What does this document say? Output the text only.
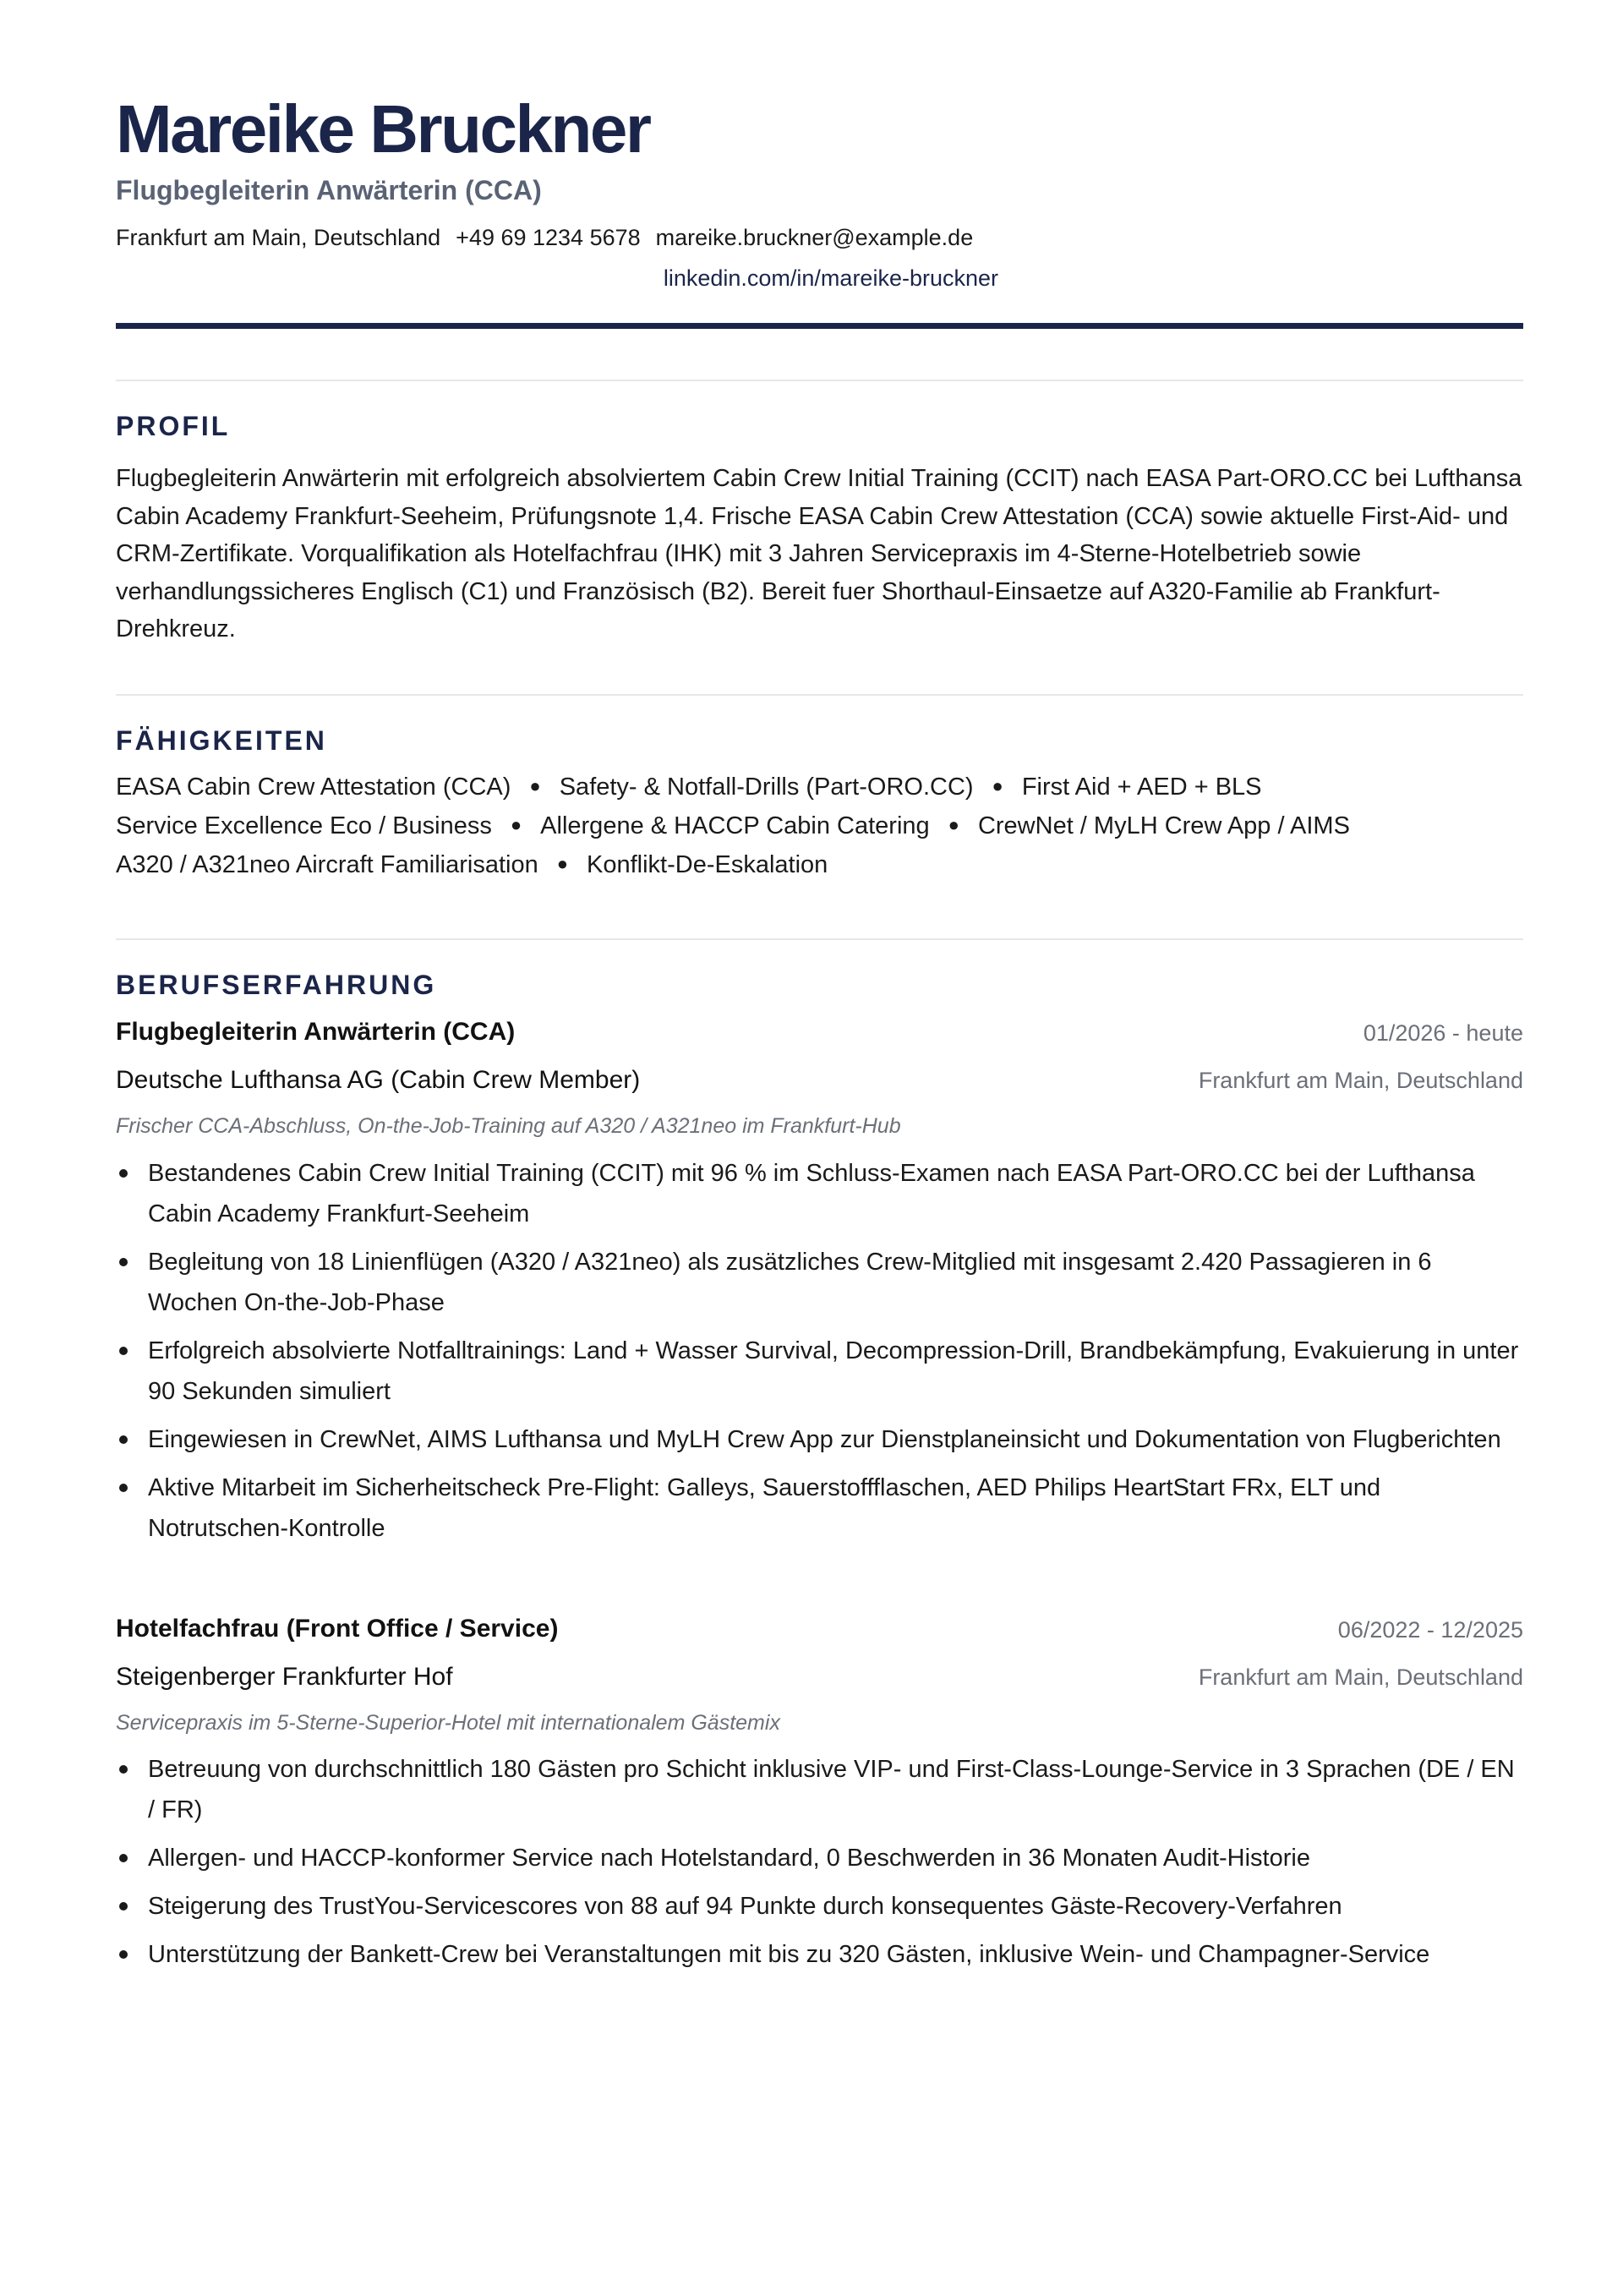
Mareike Bruckner
Flugbegleiterin Anwärterin (CCA)
Frankfurt am Main, Deutschland +49 69 1234 5678 mareike.bruckner@example.de
linkedin.com/in/mareike-bruckner
PROFIL
Flugbegleiterin Anwärterin mit erfolgreich absolviertem Cabin Crew Initial Training (CCIT) nach EASA Part-ORO.CC bei Lufthansa Cabin Academy Frankfurt-Seeheim, Prüfungsnote 1,4. Frische EASA Cabin Crew Attestation (CCA) sowie aktuelle First-Aid- und CRM-Zertifikate. Vorqualifikation als Hotelfachfrau (IHK) mit 3 Jahren Servicepraxis im 4-Sterne-Hotelbetrieb sowie verhandlungssicheres Englisch (C1) und Französisch (B2). Bereit fuer Shorthaul-Einsaetze auf A320-Familie ab Frankfurt-Drehkreuz.
FÄHIGKEITEN
EASA Cabin Crew Attestation (CCA) ● Safety- & Notfall-Drills (Part-ORO.CC) ● First Aid + AED + BLS
Service Excellence Eco / Business ● Allergene & HACCP Cabin Catering ● CrewNet / MyLH Crew App / AIMS
A320 / A321neo Aircraft Familiarisation ● Konflikt-De-Eskalation
BERUFSERFAHRUNG
Flugbegleiterin Anwärterin (CCA)	01/2026 - heute
Deutsche Lufthansa AG (Cabin Crew Member)	Frankfurt am Main, Deutschland
Frischer CCA-Abschluss, On-the-Job-Training auf A320 / A321neo im Frankfurt-Hub
Bestandenes Cabin Crew Initial Training (CCIT) mit 96 % im Schluss-Examen nach EASA Part-ORO.CC bei der Lufthansa Cabin Academy Frankfurt-Seeheim
Begleitung von 18 Linienflügen (A320 / A321neo) als zusätzliches Crew-Mitglied mit insgesamt 2.420 Passagieren in 6 Wochen On-the-Job-Phase
Erfolgreich absolvierte Notfalltrainings: Land + Wasser Survival, Decompression-Drill, Brandbekämpfung, Evakuierung in unter 90 Sekunden simuliert
Eingewiesen in CrewNet, AIMS Lufthansa und MyLH Crew App zur Dienstplaneinsicht und Dokumentation von Flugberichten
Aktive Mitarbeit im Sicherheitscheck Pre-Flight: Galleys, Sauerstoffflaschen, AED Philips HeartStart FRx, ELT und Notrutschen-Kontrolle
Hotelfachfrau (Front Office / Service)	06/2022 - 12/2025
Steigenberger Frankfurter Hof	Frankfurt am Main, Deutschland
Servicepraxis im 5-Sterne-Superior-Hotel mit internationalem Gästemix
Betreuung von durchschnittlich 180 Gästen pro Schicht inklusive VIP- und First-Class-Lounge-Service in 3 Sprachen (DE / EN / FR)
Allergen- und HACCP-konformer Service nach Hotelstandard, 0 Beschwerden in 36 Monaten Audit-Historie
Steigerung des TrustYou-Servicescores von 88 auf 94 Punkte durch konsequentes Gäste-Recovery-Verfahren
Unterstützung der Bankett-Crew bei Veranstaltungen mit bis zu 320 Gästen, inklusive Wein- und Champagner-Service
